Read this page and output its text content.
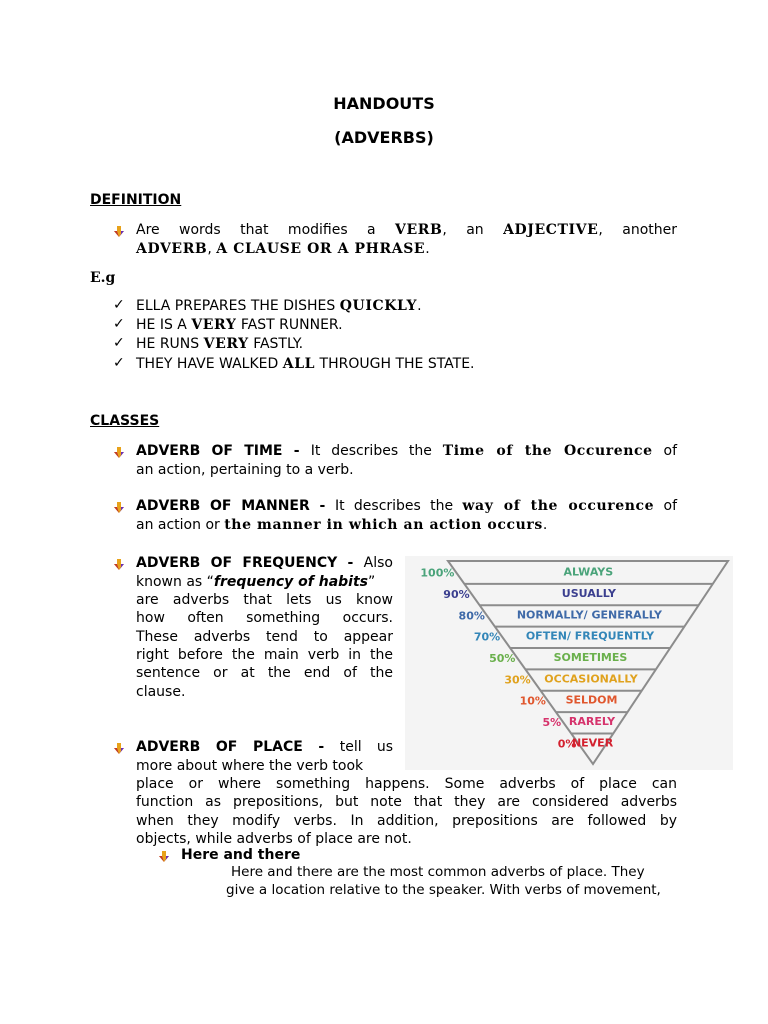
HANDOUTS
(ADVERBS)
DEFINITION
Are words that modifies a VERB, an ADJECTIVE, another
ADVERB, A CLAUSE OR A PHRASE.
E.g
✓ ELLA PREPARES THE DISHES QUICKLY.
✓ HE IS A VERY FAST RUNNER.
✓ HE RUNS VERY FASTLY.
✓ THEY HAVE WALKED ALL THROUGH THE STATE.
CLASSES
ADVERB OF TIME - It describes the Time of the Occurence of
an action, pertaining to a verb.
ADVERB OF MANNER - It describes the way of the occurence of
an action or the manner in which an action occurs.
ADVERB OF FREQUENCY - Also
known as “frequency of habits”
are adverbs that lets us know
how often something occurs.
These adverbs tend to appear
right before the main verb in the
sentence or at the end of the
clause.
ALWAYS
100%
USUALLY
90%
NORMALLY/ GENERALLY
80%
OFTEN/ FREQUENTLY
70%
SOMETIMES
50%
OCCASIONALLY
30%
SELDOM
10%
RARELY
5%
NEVER
0%
ADVERB OF PLACE - tell us
more about where the verb took
place or where something happens. Some adverbs of place can
function as prepositions, but note that they are considered adverbs
when they modify verbs. In addition, prepositions are followed by
objects, while adverbs of place are not.
Here and there
Here and there are the most common adverbs of place. They
give a location relative to the speaker. With verbs of movement,
